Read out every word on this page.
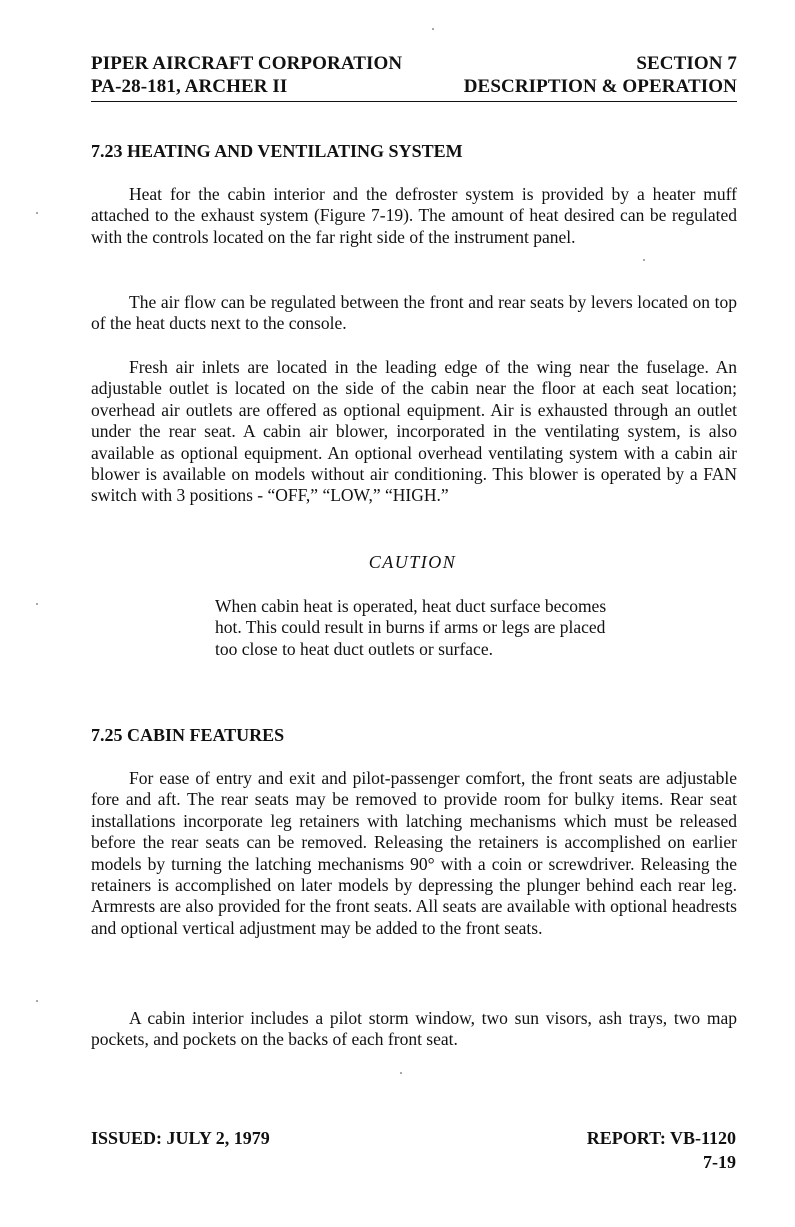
PIPER AIRCRAFT CORPORATION	SECTION 7
PA-28-181, ARCHER II	DESCRIPTION & OPERATION
7.23 HEATING AND VENTILATING SYSTEM

Heat for the cabin interior and the defroster system is provided by a heater muff attached to the exhaust system (Figure 7-19). The amount of heat desired can be regulated with the controls located on the far right side of the instrument panel.

The air flow can be regulated between the front and rear seats by levers located on top of the heat ducts next to the console.

Fresh air inlets are located in the leading edge of the wing near the fuselage. An adjustable outlet is located on the side of the cabin near the floor at each seat location; overhead air outlets are offered as optional equipment. Air is exhausted through an outlet under the rear seat. A cabin air blower, incorporated in the ventilating system, is also available as optional equipment. An optional overhead ventilating system with a cabin air blower is available on models without air conditioning. This blower is operated by a FAN switch with 3 positions - “OFF,” “LOW,” “HIGH.”

CAUTION

When cabin heat is operated, heat duct surface becomes hot. This could result in burns if arms or legs are placed too close to heat duct outlets or surface.

7.25 CABIN FEATURES

For ease of entry and exit and pilot-passenger comfort, the front seats are adjustable fore and aft. The rear seats may be removed to provide room for bulky items. Rear seat installations incorporate leg retainers with latching mechanisms which must be released before the rear seats can be removed. Releasing the retainers is accomplished on earlier models by turning the latching mechanisms 90° with a coin or screwdriver. Releasing the retainers is accomplished on later models by depressing the plunger behind each rear leg. Armrests are also provided for the front seats. All seats are available with optional headrests and optional vertical adjustment may be added to the front seats.

A cabin interior includes a pilot storm window, two sun visors, ash trays, two map pockets, and pockets on the backs of each front seat.

ISSUED: JULY 2, 1979	REPORT: VB-1120
7-19
